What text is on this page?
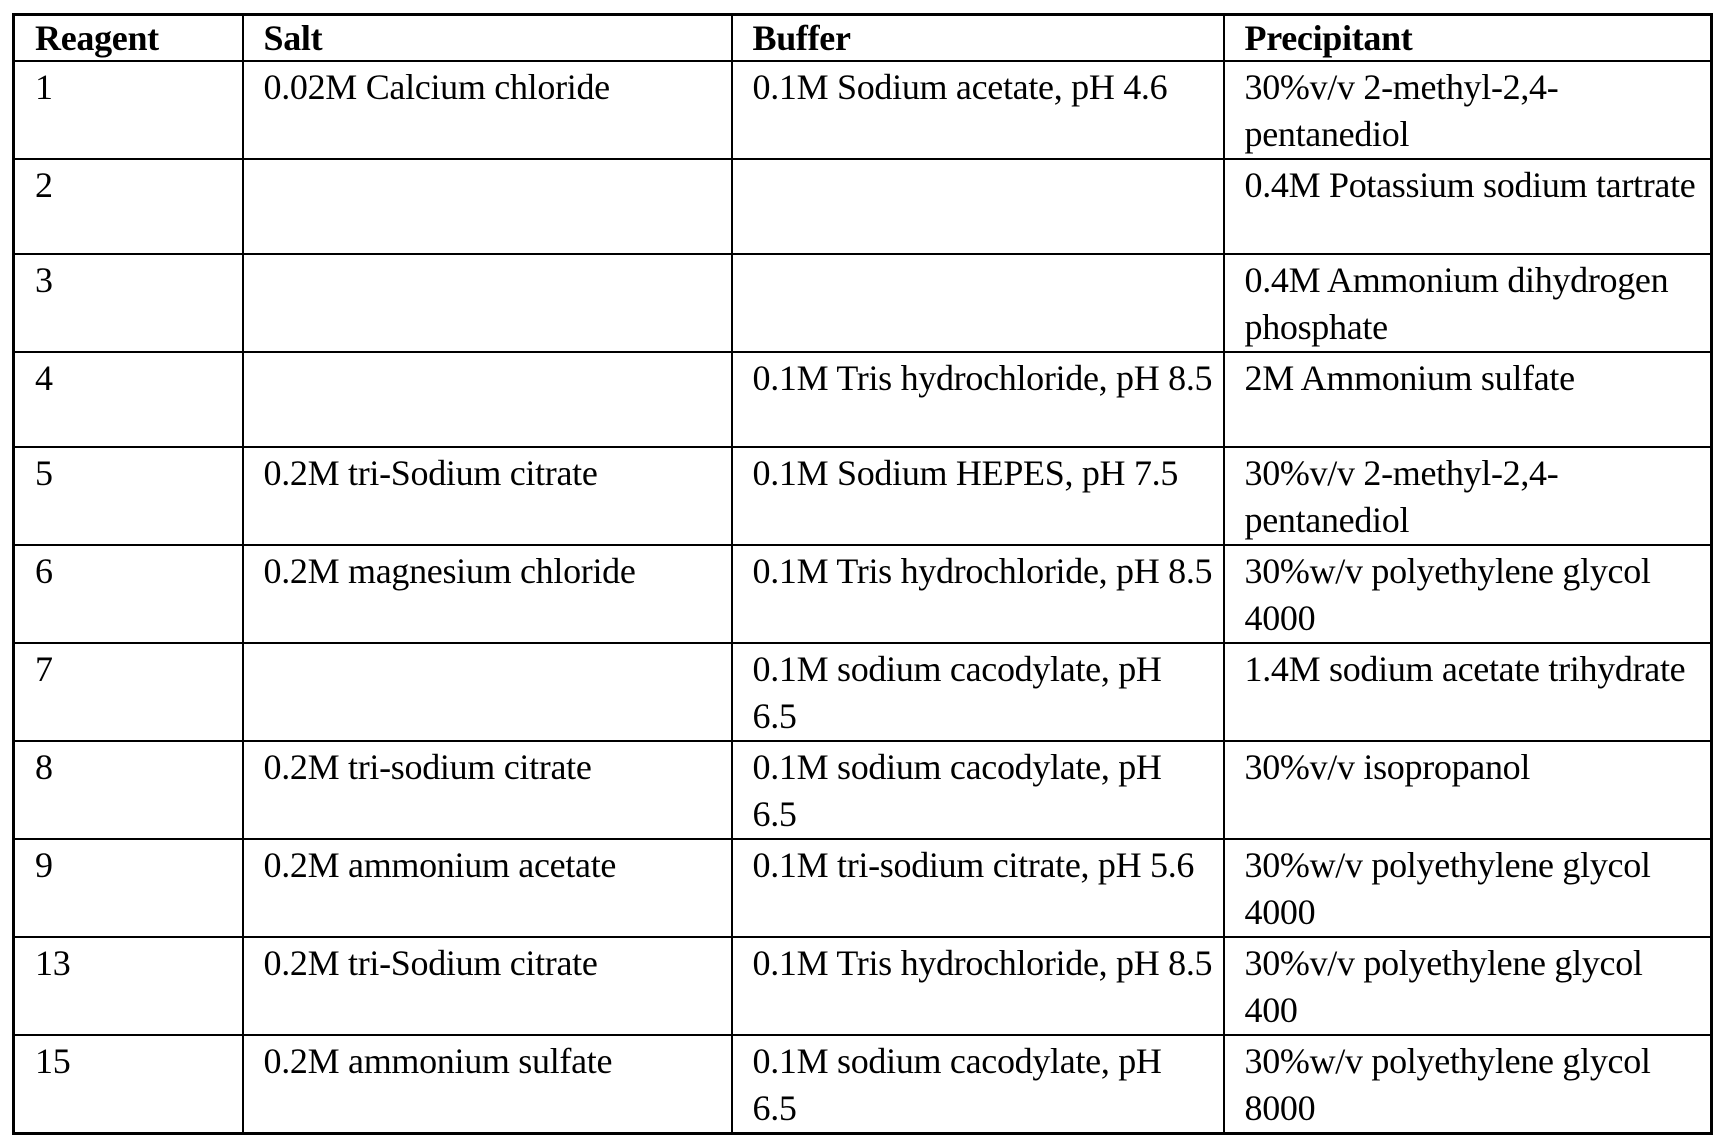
Reagent	Salt	Buffer	Precipitant
1	0.02M Calcium chloride	0.1M Sodium acetate, pH 4.6	30%v/v 2-methyl-2,4-pentanediol
2			0.4M Potassium sodium tartrate
3			0.4M Ammonium dihydrogen phosphate
4		0.1M Tris hydrochloride, pH 8.5	2M Ammonium sulfate
5	0.2M tri-Sodium citrate	0.1M Sodium HEPES, pH 7.5	30%v/v 2-methyl-2,4-pentanediol
6	0.2M magnesium chloride	0.1M Tris hydrochloride, pH 8.5	30%w/v polyethylene glycol 4000
7		0.1M sodium cacodylate, pH 6.5	1.4M sodium acetate trihydrate
8	0.2M tri-sodium citrate	0.1M sodium cacodylate, pH 6.5	30%v/v isopropanol
9	0.2M ammonium acetate	0.1M tri-sodium citrate, pH 5.6	30%w/v polyethylene glycol 4000
13	0.2M tri-Sodium citrate	0.1M Tris hydrochloride, pH 8.5	30%v/v polyethylene glycol 400
15	0.2M ammonium sulfate	0.1M sodium cacodylate, pH 6.5	30%w/v polyethylene glycol 8000
